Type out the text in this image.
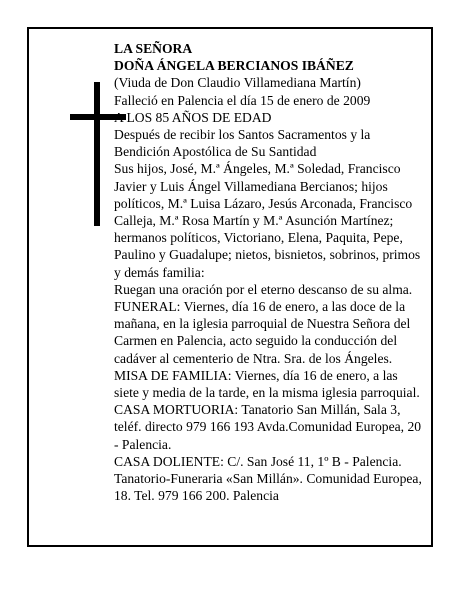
LA SEÑORA

DOÑA ÁNGELA BERCIANOS IBÁÑEZ

(Viuda de Don Claudio Villamediana Martín)

Falleció en Palencia el día 15 de enero de 2009

A LOS 85 AÑOS DE EDAD

Después de recibir los Santos Sacramentos y la Bendición Apostólica de Su Santidad

Sus hijos, José, M.ª Ángeles, M.ª Soledad, Francisco Javier y Luis Ángel Villamediana Bercianos; hijos políticos, M.ª Luisa Lázaro, Jesús Arconada, Francisco Calleja, M.ª Rosa Martín y M.ª Asunción Martínez; hermanos políticos, Victoriano, Elena, Paquita, Pepe, Paulino y Guadalupe; nietos, bisnietos, sobrinos, primos y demás familia:

Ruegan una oración por el eterno descanso de su alma.

FUNERAL: Viernes, día 16 de enero, a las doce de la mañana, en la iglesia parroquial de Nuestra Señora del Carmen en Palencia, acto seguido la conducción del cadáver al cementerio de Ntra. Sra. de los Ángeles.

MISA DE FAMILIA: Viernes, día 16 de enero, a las siete y media de la tarde, en la misma iglesia parroquial.

CASA MORTUORIA: Tanatorio San Millán, Sala 3, teléf. directo 979 166 193 Avda.Comunidad Europea, 20 - Palencia.

CASA DOLIENTE: C/. San José 11, 1º B - Palencia. Tanatorio-Funeraria «San Millán». Comunidad Europea, 18. Tel. 979 166 200. Palencia
